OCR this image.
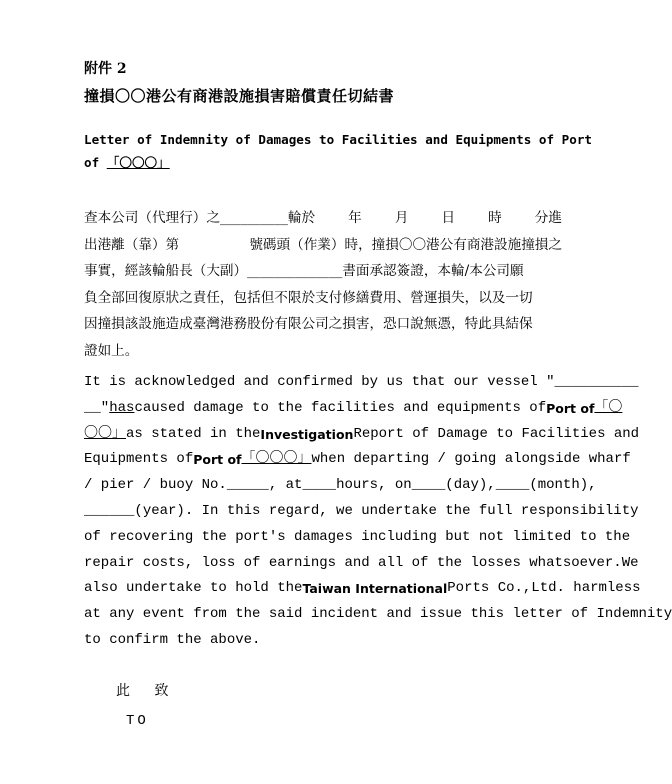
附件 2
撞損〇〇港公有商港設施損害賠償責任切結書
Letter of Indemnity of Damages to Facilities and Equipments of Port
of 「〇〇〇」
查本公司（代理行）之__________輪於 年 月 日 時 分進
出港離（靠）第	號碼頭（作業）時，撞損〇〇港公有商港設施撞損之
事實，經該輪船長（大副）______________書面承認簽證，本輪/本公司願
負全部回復原狀之責任，包括但不限於支付修繕費用、營運損失，以及一切
因撞損該設施造成臺灣港務股份有限公司之損害，恐口說無憑，特此具結保
證如上。
It is acknowledged and confirmed by us that our vessel "__________
__" has caused damage to the facilities and equipments of Port of 「〇
〇〇」 as stated in the Investigation Report of Damage to Facilities and
Equipments of Port of 「〇〇〇」 when departing / going alongside wharf
/ pier / buoy No. _____ , at ____ hours, on ____ (day), ____ (month),
______ (year). In this regard, we undertake the full responsibility
of recovering the port's damages including but not limited to the
repair costs, loss of earnings and all of the losses whatsoever.We
also undertake to hold the Taiwan International Ports Co.,Ltd. harmless
at any event from the said incident and issue this letter of Indemnity
to confirm the above.
此 致
TO
